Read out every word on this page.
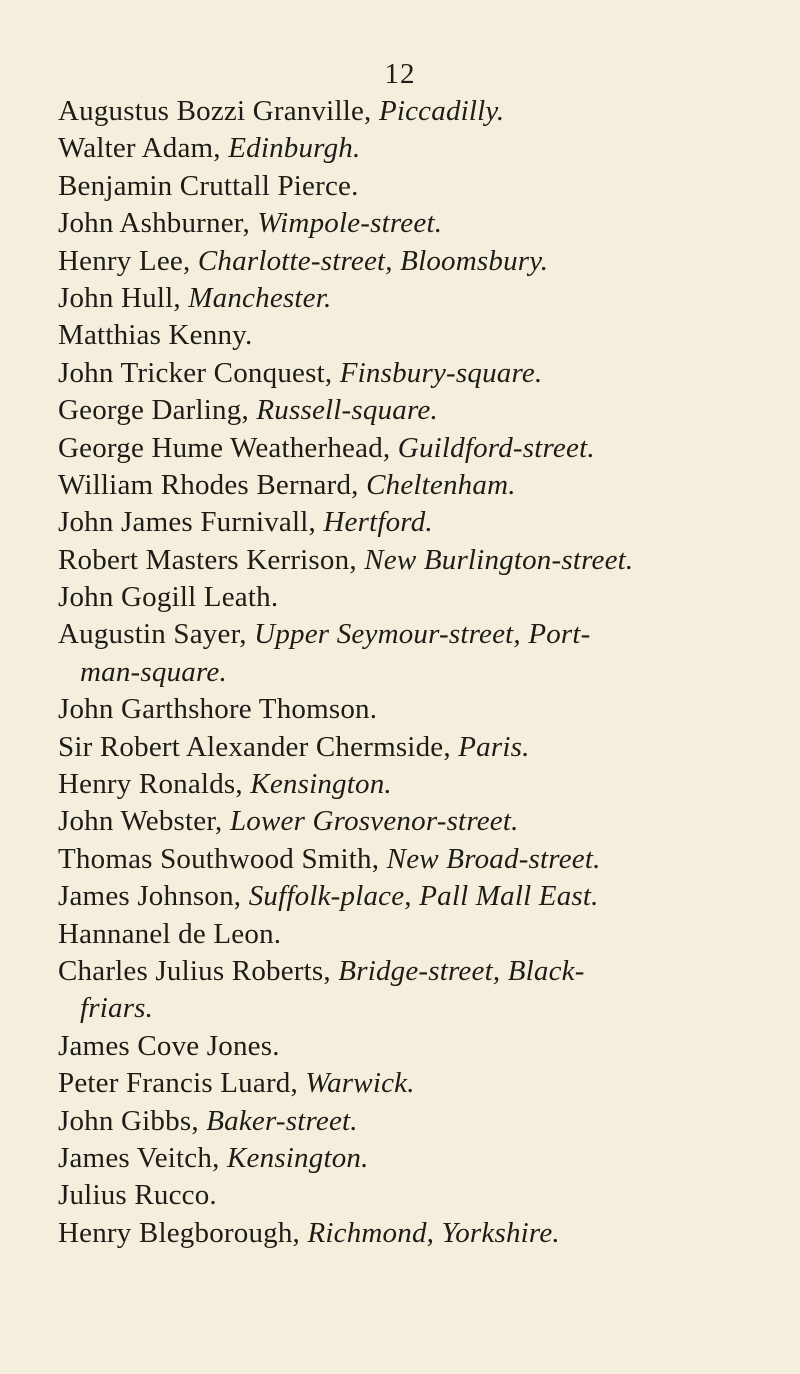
12
Augustus Bozzi Granville, Piccadilly.
Walter Adam, Edinburgh.
Benjamin Cruttall Pierce.
John Ashburner, Wimpole-street.
Henry Lee, Charlotte-street, Bloomsbury.
John Hull, Manchester.
Matthias Kenny.
John Tricker Conquest, Finsbury-square.
George Darling, Russell-square.
George Hume Weatherhead, Guildford-street.
William Rhodes Bernard, Cheltenham.
John James Furnivall, Hertford.
Robert Masters Kerrison, New Burlington-street.
John Gogill Leath.
Augustin Sayer, Upper Seymour-street, Port-
man-square.
John Garthshore Thomson.
Sir Robert Alexander Chermside, Paris.
Henry Ronalds, Kensington.
John Webster, Lower Grosvenor-street.
Thomas Southwood Smith, New Broad-street.
James Johnson, Suffolk-place, Pall Mall East.
Hannanel de Leon.
Charles Julius Roberts, Bridge-street, Black-
friars.
James Cove Jones.
Peter Francis Luard, Warwick.
John Gibbs, Baker-street.
James Veitch, Kensington.
Julius Rucco.
Henry Blegborough, Richmond, Yorkshire.
